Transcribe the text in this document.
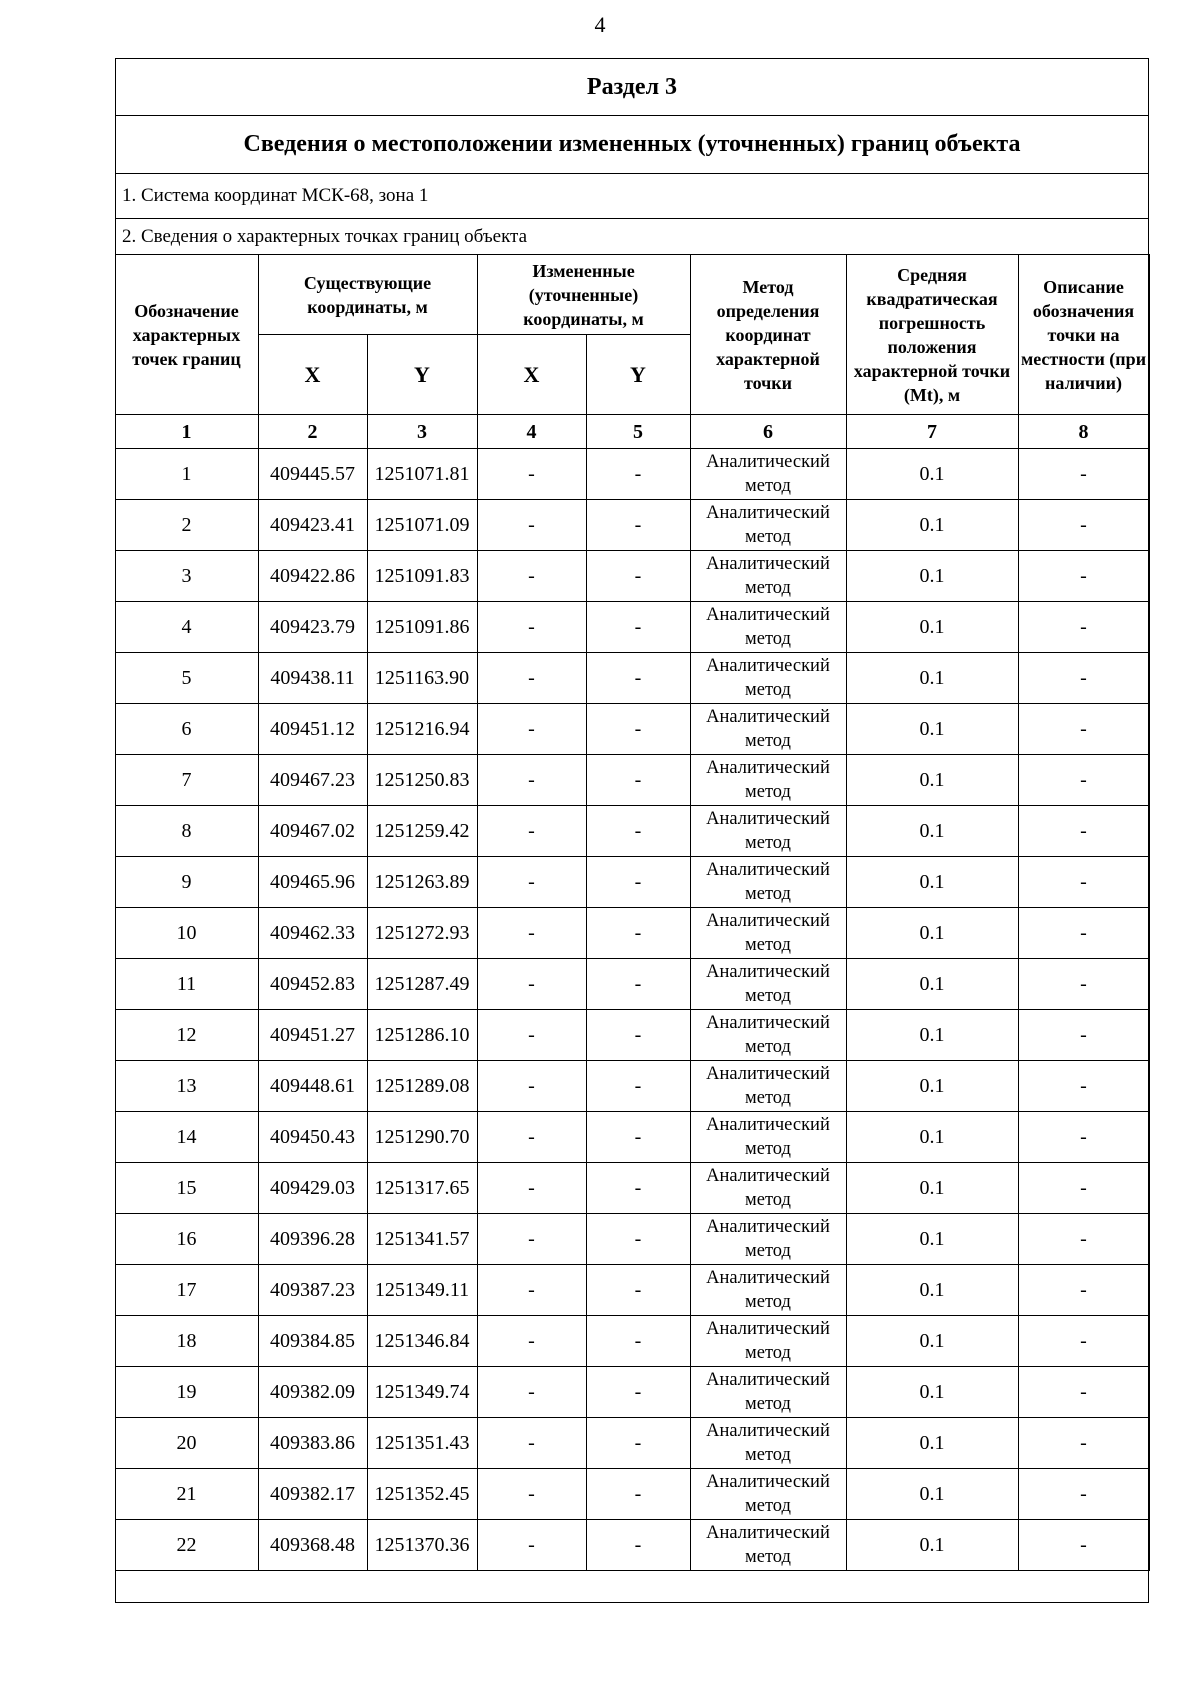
4
Раздел 3
Сведения о местоположении измененных (уточненных) границ объекта
1. Система координат МСК-68, зона 1
2. Сведения о характерных точках границ объекта
Обозначение характерных точек границ	Существующие координаты, м		Измененные (уточненные) координаты, м		Метод определения координат характерной точки	Средняя квадратическая погрешность положения характерной точки (Mt), м	Описание обозначения точки на местности (при наличии)
	X	Y	X	Y			
1	2	3	4	5	6	7	8
1	409445.57	1251071.81	-	-	Аналитический метод	0.1	-
2	409423.41	1251071.09	-	-	Аналитический метод	0.1	-
3	409422.86	1251091.83	-	-	Аналитический метод	0.1	-
4	409423.79	1251091.86	-	-	Аналитический метод	0.1	-
5	409438.11	1251163.90	-	-	Аналитический метод	0.1	-
6	409451.12	1251216.94	-	-	Аналитический метод	0.1	-
7	409467.23	1251250.83	-	-	Аналитический метод	0.1	-
8	409467.02	1251259.42	-	-	Аналитический метод	0.1	-
9	409465.96	1251263.89	-	-	Аналитический метод	0.1	-
10	409462.33	1251272.93	-	-	Аналитический метод	0.1	-
11	409452.83	1251287.49	-	-	Аналитический метод	0.1	-
12	409451.27	1251286.10	-	-	Аналитический метод	0.1	-
13	409448.61	1251289.08	-	-	Аналитический метод	0.1	-
14	409450.43	1251290.70	-	-	Аналитический метод	0.1	-
15	409429.03	1251317.65	-	-	Аналитический метод	0.1	-
16	409396.28	1251341.57	-	-	Аналитический метод	0.1	-
17	409387.23	1251349.11	-	-	Аналитический метод	0.1	-
18	409384.85	1251346.84	-	-	Аналитический метод	0.1	-
19	409382.09	1251349.74	-	-	Аналитический метод	0.1	-
20	409383.86	1251351.43	-	-	Аналитический метод	0.1	-
21	409382.17	1251352.45	-	-	Аналитический метод	0.1	-
22	409368.48	1251370.36	-	-	Аналитический метод	0.1	-
